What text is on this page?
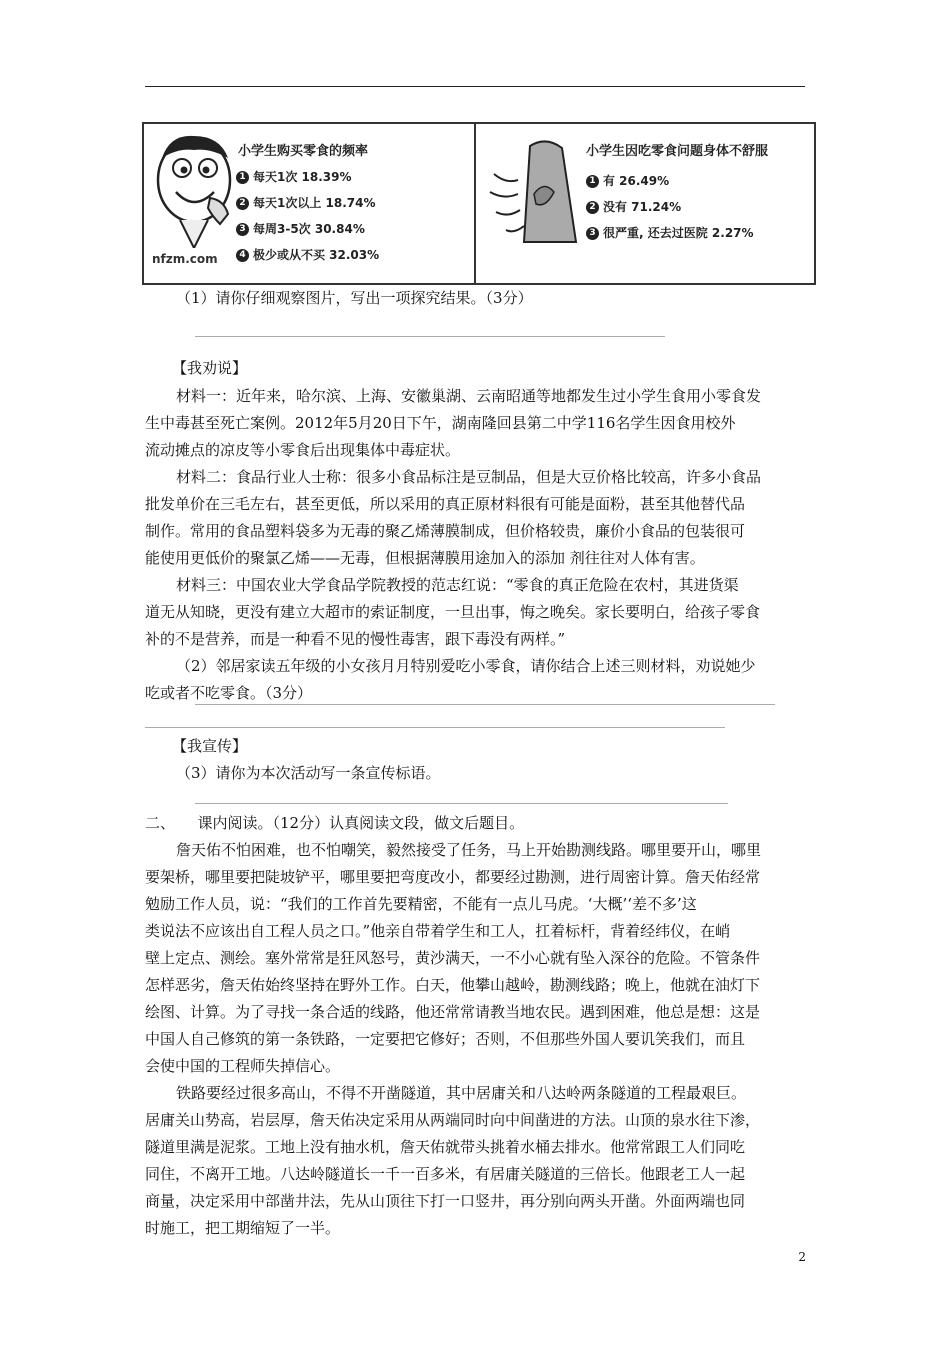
nfzm.com
小学生购买零食的频率
1 每天1次 18.39%
2 每天1次以上 18.74%
3 每周3-5次 30.84%
4 极少或从不买 32.03%
小学生因吃零食问题身体不舒服
1 有 26.49%
2 没有 71.24%
3 很严重, 还去过医院 2.27%
（1）请你仔细观察图片，写出一项探究结果。（3分）
【我劝说】
材料一：近年来，哈尔滨、上海、安徽巢湖、云南昭通等地都发生过小学生食用小零食发
生中毒甚至死亡案例。2012年5月20日下午，湖南隆回县第二中学116名学生因食用校外
流动摊点的凉皮等小零食后出现集体中毒症状。
材料二：食品行业人士称：很多小食品标注是豆制品，但是大豆价格比较高，许多小食品
批发单价在三毛左右，甚至更低，所以采用的真正原材料很有可能是面粉，甚至其他替代品
制作。常用的食品塑料袋多为无毒的聚乙烯薄膜制成，但价格较贵，廉价小食品的包装很可
能使用更低价的聚氯乙烯——无毒，但根据薄膜用途加入的添加 剂往往对人体有害。
材料三：中国农业大学食品学院教授的范志红说：“零食的真正危险在农村，其进货渠
道无从知晓，更没有建立大超市的索证制度，一旦出事，悔之晚矣。家长要明白，给孩子零食
补的不是营养，而是一种看不见的慢性毒害，跟下毒没有两样。”
（2）邻居家读五年级的小女孩月月特别爱吃小零食，请你结合上述三则材料，劝说她少
吃或者不吃零食。（3分）
【我宣传】
（3）请你为本次活动写一条宣传标语。
二、　　课内阅读。（12分）认真阅读文段，做文后题目。
詹天佑不怕困难，也不怕嘲笑，毅然接受了任务，马上开始勘测线路。哪里要开山，哪里
要架桥，哪里要把陡坡铲平，哪里要把弯度改小，都要经过勘测，进行周密计算。詹天佑经常
勉励工作人员，说：“我们的工作首先要精密，不能有一点儿马虎。‘大概’‘差不多’这
类说法不应该出自工程人员之口。”他亲自带着学生和工人，扛着标杆，背着经纬仪，在峭
壁上定点、测绘。塞外常常是狂风怒号，黄沙满天，一不小心就有坠入深谷的危险。不管条件
怎样恶劣，詹天佑始终坚持在野外工作。白天，他攀山越岭，勘测线路；晚上，他就在油灯下
绘图、计算。为了寻找一条合适的线路，他还常常请教当地农民。遇到困难，他总是想：这是
中国人自己修筑的第一条铁路，一定要把它修好；否则，不但那些外国人要讥笑我们，而且
会使中国的工程师失掉信心。
铁路要经过很多高山，不得不开凿隧道，其中居庸关和八达岭两条隧道的工程最艰巨。
居庸关山势高，岩层厚，詹天佑决定采用从两端同时向中间凿进的方法。山顶的泉水往下渗，
隧道里满是泥浆。工地上没有抽水机，詹天佑就带头挑着水桶去排水。他常常跟工人们同吃
同住，不离开工地。八达岭隧道长一千一百多米，有居庸关隧道的三倍长。他跟老工人一起
商量，决定采用中部凿井法，先从山顶往下打一口竖井，再分别向两头开凿。外面两端也同
时施工，把工期缩短了一半。
2
